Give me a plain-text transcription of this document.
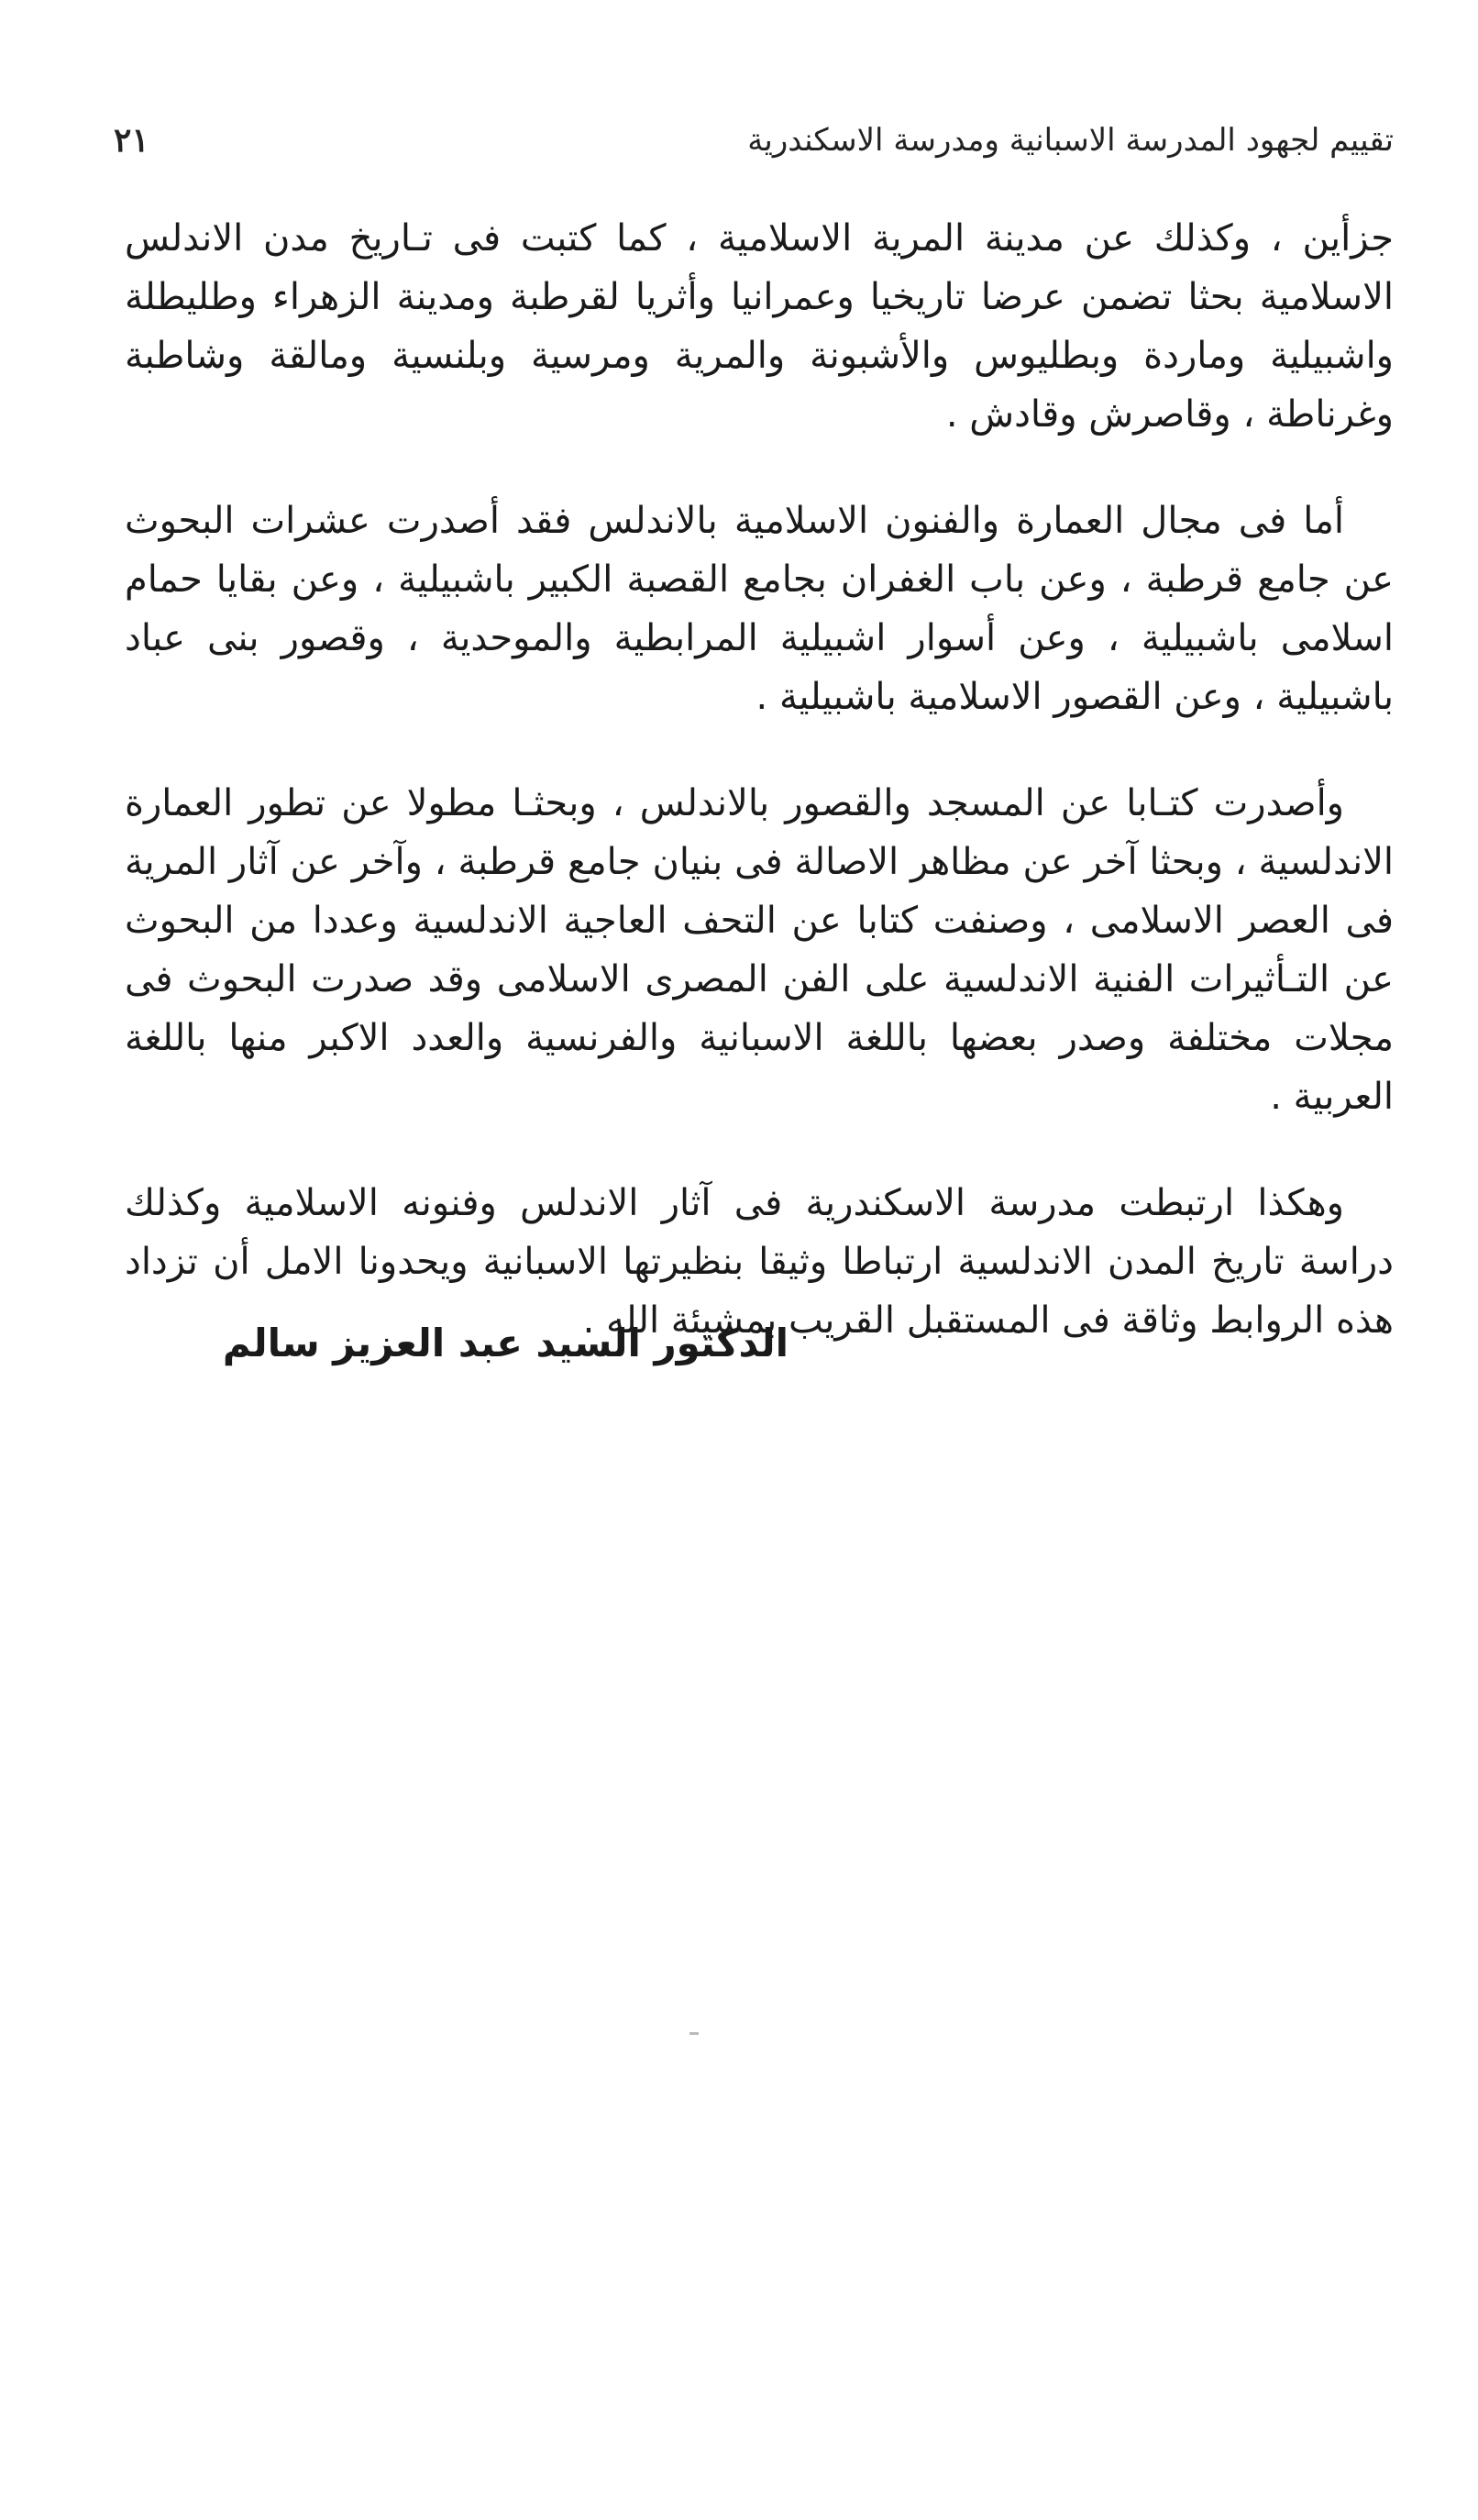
٢١	تقييم لجهود المدرسة الاسبانية ومدرسة الاسكندرية

جزأين ، وكذلك عن مدينة المرية الاسلامية ، كما كتبت فى تـاريخ مدن الاندلس الاسلامية بحثا تضمن عرضا تاريخيا وعمرانيا وأثريا لقرطبة ومدينة الزهراء وطليطلة واشبيلية وماردة وبطليوس والأشبونة والمرية ومرسية وبلنسية ومالقة وشاطبة وغرناطة ، وقاصرش وقادش .

أما فى مجال العمارة والفنون الاسلامية بالاندلس فقد أصدرت عشرات البحوث عن جامع قرطبة ، وعن باب الغفران بجامع القصبة الكبير باشبيلية ، وعن بقايا حمام اسلامى باشبيلية ، وعن أسوار اشبيلية المرابطية والموحدية ، وقصور بنى عباد باشبيلية ، وعن القصور الاسلامية باشبيلية .

وأصدرت كتـابا عن المسجد والقصور بالاندلس ، وبحثـا مطولا عن تطور العمارة الاندلسية ، وبحثا آخر عن مظاهر الاصالة فى بنيان جامع قرطبة ، وآخر عن آثار المرية فى العصر الاسلامى ، وصنفت كتابا عن التحف العاجية الاندلسية وعددا من البحوث عن التـأثيرات الفنية الاندلسية على الفن المصرى الاسلامى وقد صدرت البحوث فى مجلات مختلفة وصدر بعضها باللغة الاسبانية والفرنسية والعدد الاكبر منها باللغة العربية .

وهكذا ارتبطت مدرسة الاسكندرية فى آثار الاندلس وفنونه الاسلامية وكذلك دراسة تاريخ المدن الاندلسية ارتباطا وثيقا بنظيرتها الاسبانية ويحدونا الامل أن تزداد هذه الروابط وثاقة فى المستقبل القريب بمشيئة الله .

الدكتور السيد عبد العزيز سالم
